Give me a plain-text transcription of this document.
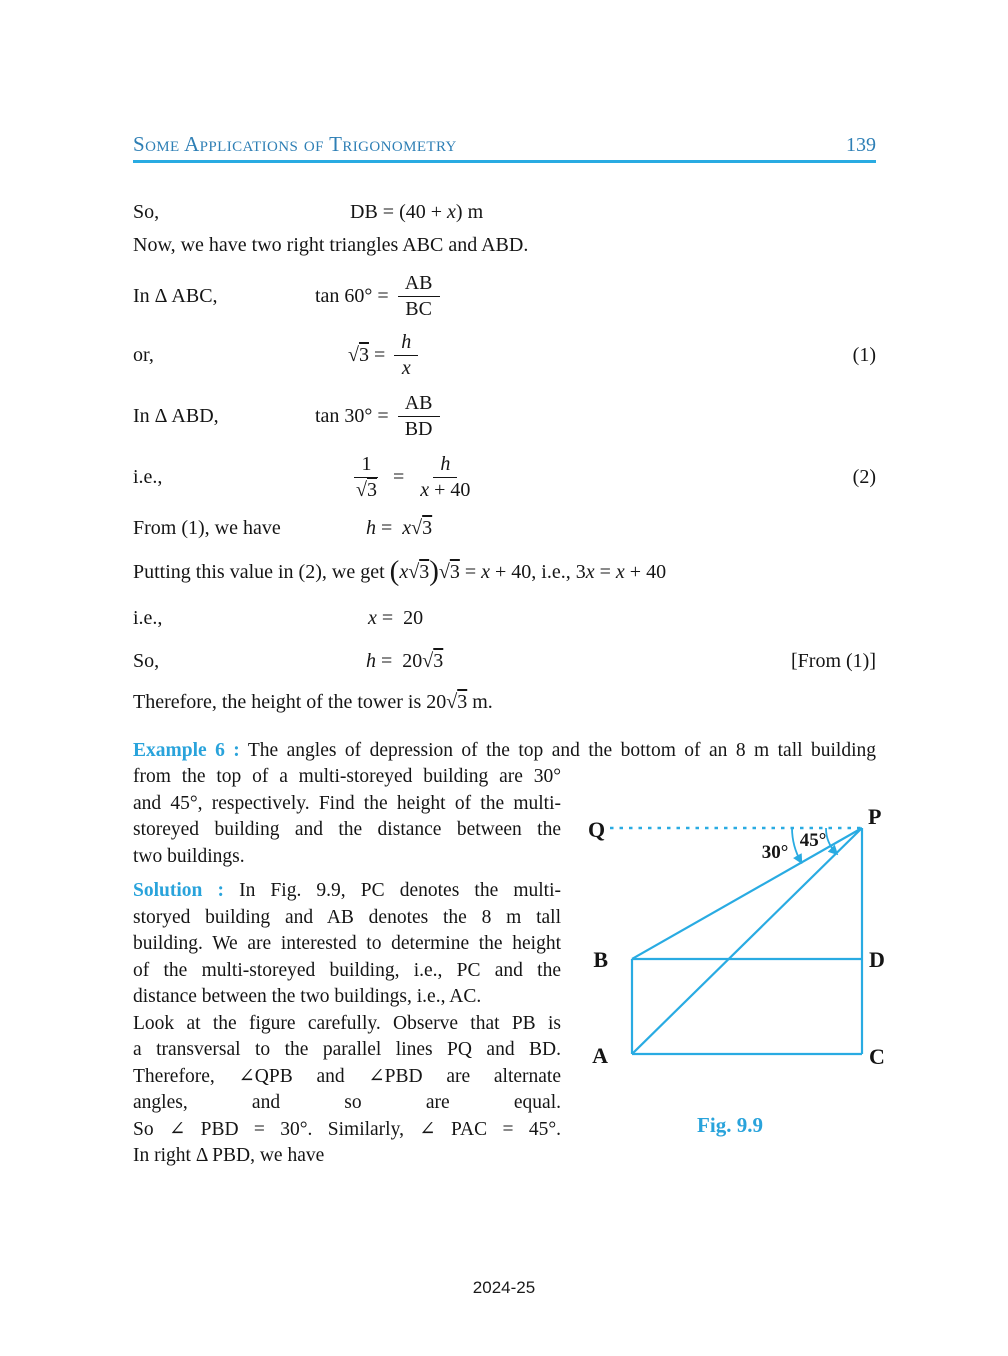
Some Applications of Trigonometry	139
So,	DB = (40 + x ) m
Now, we have two right triangles ABC and ABD.
In Δ ABC,	$\tan 60^\circ = \frac{AB}{BC}$
or,	$√3 = \frac{h}{x}$	(1)
In Δ ABD,	$\tan 30^\circ = \frac{AB}{BD}$
i.e.,	$\frac{1}{√3} = \frac{h}{x + 40}$	(2)
From (1), we have	h = x √ 3
Putting this value in (2), we get ( x √ 3 ) √ 3 = x + 40, i.e., 3 x = x + 40
i.e.,	x =  20
So,	h =  20 √ 3	[From (1)]
Therefore, the height of the tower is 20 √ 3 m.
Example 6 : The angles of depression of the top and the bottom of an 8 m tall building
from the top of a multi-storeyed building are 30°
and 45°, respectively. Find the height of the multi-
storeyed building and the distance between the
two buildings.
Solution : In Fig. 9.9, PC denotes the multi-
storyed building and AB denotes the 8 m tall
building. We are interested to determine the height
of the multi-storeyed building, i.e., PC and the
distance between the two buildings, i.e., AC.
Look at the figure carefully. Observe that PB is
a transversal to the parallel lines PQ and BD.
Therefore, ∠QPB and ∠PBD are alternate
angles, and so are equal.
So ∠ PBD = 30°. Similarly, ∠ PAC = 45°.
In right Δ PBD, we have
Q
P
B	D
A	C
30°
45°
Fig. 9.9
2024-25
